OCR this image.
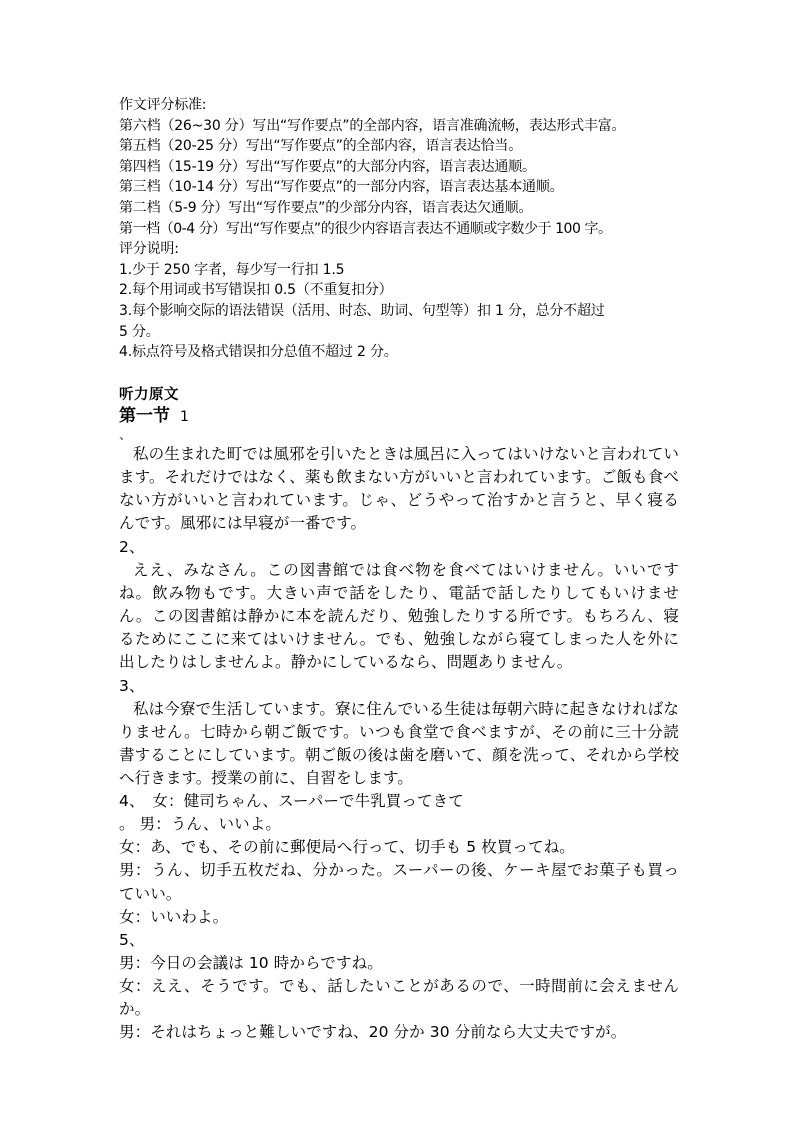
作文评分标准:
第六档（26~30 分）写出“写作要点”的全部内容，语言准确流畅，表达形式丰富。
第五档（20-25 分）写出“写作要点”的全部内容，语言表达恰当。
第四档（15-19 分）写出“写作要点”的大部分内容，语言表达通顺。
第三档（10-14 分）写出“写作要点”的一部分内容，语言表达基本通顺。
第二档（5-9 分）写出“写作要点”的少部分内容，语言表达欠通顺。
第一档（0-4 分）写出“写作要点”的很少内容语言表达不通顺或字数少于 100 字。
评分说明:
1.少于 250 字者，每少写一行扣 1.5
2.每个用词或书写错误扣 0.5（不重复扣分）
3.每个影响交际的语法错误（活用、时态、助词、句型等）扣 1 分，总分不超过
5 分。
4.标点符号及格式错误扣分总值不超过 2 分。
听力原文
第一节 1
、
私の生まれた町では風邪を引いたときは風呂に入ってはいけないと言われています。それだけではなく、薬も飲まない方がいいと言われています。ご飯も食べない方がいいと言われています。じゃ、どうやって治すかと言うと、早く寝るんです。風邪には早寝が一番です。
2、
ええ、みなさん。この図書館では食べ物を食べてはいけません。いいですね。飲み物もです。大きい声で話をしたり、電話で話したりしてもいけません。この図書館は静かに本を読んだり、勉強したりする所です。もちろん、寝るためにここに来てはいけません。でも、勉強しながら寝てしまった人を外に出したりはしませんよ。静かにしているなら、問題ありません。
3、
私は今寮で生活しています。寮に住んでいる生徒は毎朝六時に起きなければなりません。七時から朝ご飯です。いつも食堂で食べますが、その前に三十分読書することにしています。朝ご飯の後は歯を磨いて、顔を洗って、それから学校へ行きます。授業の前に、自習をします。
4、　女：健司ちゃん、スーパーで牛乳買ってきて
。 男：うん、いいよ。
女： あ、でも、その前に郵便局へ行って、切手も 5 枚買ってね。
男：うん、切手五枚だね、分かった。スーパーの後、ケーキ屋でお菓子も買っていい。
女： いいわよ。
5、
男： 今日の会議は 10 時からですね。
女：ええ、そうです。でも、話したいことがあるので、一時間前に会えませんか。
男： それはちょっと難しいですね、20 分か 30 分前なら大丈夫ですが。
